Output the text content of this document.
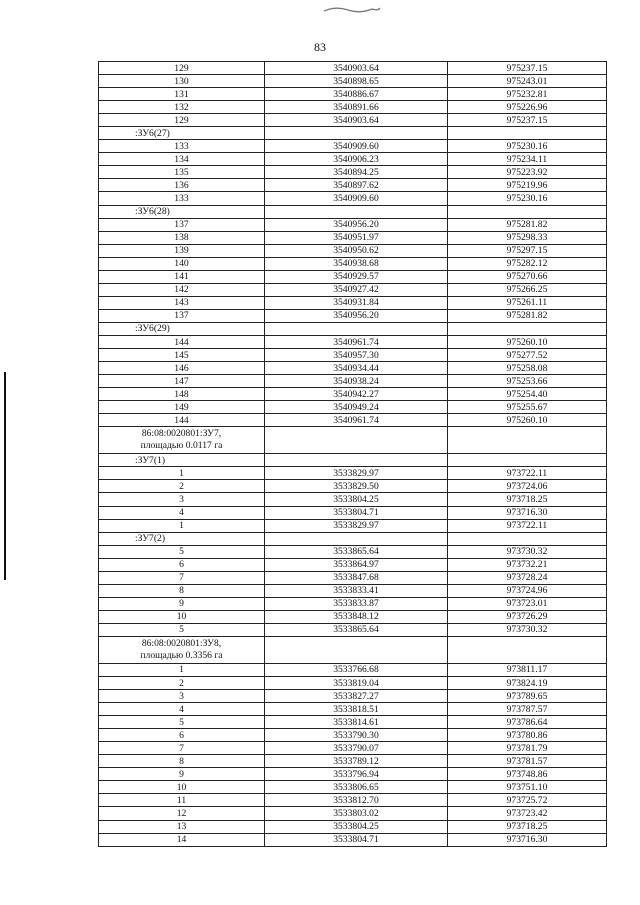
83
129	3540903.64	975237.15
130	3540898.65	975243.01
131	3540886.67	975232.81
132	3540891.66	975226.96
129	3540903.64	975237.15
:ЗУ6(27)		
133	3540909.60	975230.16
134	3540906.23	975234.11
135	3540894.25	975223.92
136	3540897.62	975219.96
133	3540909.60	975230.16
:ЗУ6(28)		
137	3540956.20	975281.82
138	3540951.97	975298.33
139	3540950.62	975297.15
140	3540938.68	975282.12
141	3540929.57	975270.66
142	3540927.42	975266.25
143	3540931.84	975261.11
137	3540956.20	975281.82
:ЗУ6(29)		
144	3540961.74	975260.10
145	3540957.30	975277.52
146	3540934.44	975258.08
147	3540938.24	975253.66
148	3540942.27	975254.40
149	3540949.24	975255.67
144	3540961.74	975260.10

86:08:0020801:ЗУ7,
площадью 0.0117 га		

:ЗУ7(1)		
1	3533829.97	973722.11
2	3533829.50	973724.06
3	3533804.25	973718.25
4	3533804.71	973716.30
1	3533829.97	973722.11
:ЗУ7(2)		
5	3533865.64	973730.32
6	3533864.97	973732.21
7	3533847.68	973728.24
8	3533833.41	973724.96
9	3533833.87	973723.01
10	3533848.12	973726.29
5	3533865.64	973730.32

86:08:0020801:ЗУ8,
площадью 0.3356 га		

1	3533766.68	973811.17
2	3533819.04	973824.19
3	3533827.27	973789.65
4	3533818.51	973787.57
5	3533814.61	973786.64
6	3533790.30	973780.86
7	3533790.07	973781.79
8	3533789.12	973781.57
9	3533796.94	973748.86
10	3533806.65	973751.10
11	3533812.70	973725.72
12	3533803.02	973723.42
13	3533804.25	973718.25
14	3533804.71	973716.30
